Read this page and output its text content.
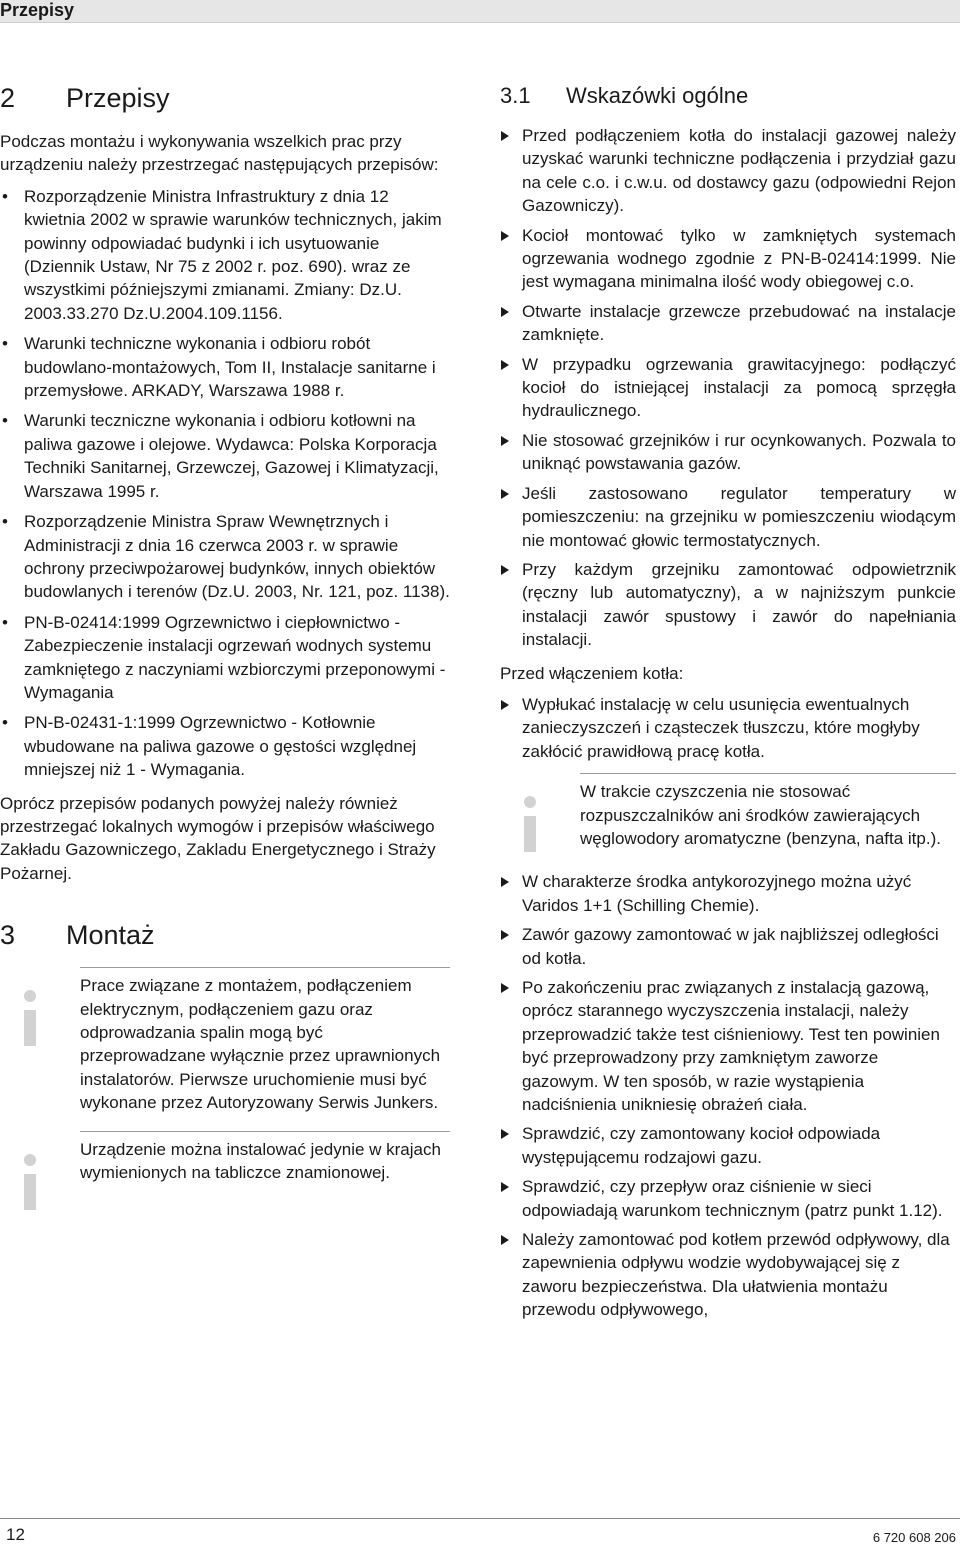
Przepisy
2 Przepisy

Podczas montażu i wykonywania wszelkich prac przy urządzeniu należy przestrzegać następujących przepisów:

• Rozporządzenie Ministra Infrastruktury z dnia 12 kwietnia 2002 w sprawie warunków technicznych, jakim powinny odpowiadać budynki i ich usytuowanie (Dziennik Ustaw, Nr 75 z 2002 r. poz. 690). wraz ze wszystkimi późniejszymi zmianami. Zmiany: Dz.U. 2003.33.270 Dz.U.2004.109.1156.
• Warunki techniczne wykonania i odbioru robót budowlano-montażowych, Tom II, Instalacje sanitarne i przemysłowe. ARKADY, Warszawa 1988 r.
• Warunki teczniczne wykonania i odbioru kotłowni na paliwa gazowe i olejowe. Wydawca: Polska Korporacja Techniki Sanitarnej, Grzewczej, Gazowej i Klimatyzacji, Warszawa 1995 r.
• Rozporządzenie Ministra Spraw Wewnętrznych i Administracji z dnia 16 czerwca 2003 r. w sprawie ochrony przeciwpożarowej budynków, innych obiektów budowlanych i terenów (Dz.U. 2003, Nr. 121, poz. 1138).
• PN-B-02414:1999 Ogrzewnictwo i ciepłownictwo - Zabezpieczenie instalacji ogrzewań wodnych systemu zamkniętego z naczyniami wzbiorczymi przeponowymi - Wymagania
• PN-B-02431-1:1999 Ogrzewnictwo - Kotłownie wbudowane na paliwa gazowe o gęstości względnej mniejszej niż 1 - Wymagania.

Oprócz przepisów podanych powyżej należy również przestrzegać lokalnych wymogów i przepisów właściwego Zakładu Gazowniczego, Zakladu Energetycznego i Straży Pożarnej.

3 Montaż
Prace związane z montażem, podłączeniem elektrycznym, podłączeniem gazu oraz odprowadzania spalin mogą być przeprowadzane wyłącznie przez uprawnionych instalatorów. Pierwsze uruchomienie musi być wykonane przez Autoryzowany Serwis Junkers.
Urządzenie można instalować jedynie w krajach wymienionych na tabliczce znamionowej.
3.1 Wskazówki ogólne
Przed podłączeniem kotła do instalacji gazowej należy uzyskać warunki techniczne podłączenia i przydział gazu na cele c.o. i c.w.u. od dostawcy gazu (odpowiedni Rejon Gazowniczy).
Kocioł montować tylko w zamkniętych systemach ogrzewania wodnego zgodnie z PN-B-02414:1999. Nie jest wymagana minimalna ilość wody obiegowej c.o.
Otwarte instalacje grzewcze przebudować na instalacje zamknięte.
W przypadku ogrzewania grawitacyjnego: podłączyć kocioł do istniejącej instalacji za pomocą sprzęgła hydraulicznego.
Nie stosować grzejników i rur ocynkowanych. Pozwala to uniknąć powstawania gazów.
Jeśli zastosowano regulator temperatury w pomieszczeniu: na grzejniku w pomieszczeniu wiodącym nie montować głowic termostatycznych.
Przy każdym grzejniku zamontować odpowietrznik (ręczny lub automatyczny), a w najniższym punkcie instalacji zawór spustowy i zawór do napełniania instalacji.

Przed włączeniem kotła:

Wypłukać instalację w celu usunięcia ewentualnych zanieczyszczeń i cząsteczek tłuszczu, które mogłyby zakłócić prawidłową pracę kotła.
W trakcie czyszczenia nie stosować rozpuszczalników ani środków zawierających węglowodory aromatyczne (benzyna, nafta itp.).
W charakterze środka antykorozyjnego można użyć Varidos 1+1 (Schilling Chemie).
Zawór gazowy zamontować w jak najbliższej odległości od kotła.
Po zakończeniu prac związanych z instalacją gazową, oprócz starannego wyczyszczenia instalacji, należy przeprowadzić także test ciśnieniowy. Test ten powinien być przeprowadzony przy zamkniętym zaworze gazowym. W ten sposób, w razie wystąpienia nadciśnienia unikniesię obrażeń ciała.
Sprawdzić, czy zamontowany kocioł odpowiada występującemu rodzajowi gazu.
Sprawdzić, czy przepływ oraz ciśnienie w sieci odpowiadają warunkom technicznym (patrz punkt 1.12).
Należy zamontować pod kotłem przewód odpływowy, dla zapewnienia odpływu wodzie wydobywającej się z zaworu bezpieczeństwa. Dla ułatwienia montażu przewodu odpływowego,
12	6 720 608 206
